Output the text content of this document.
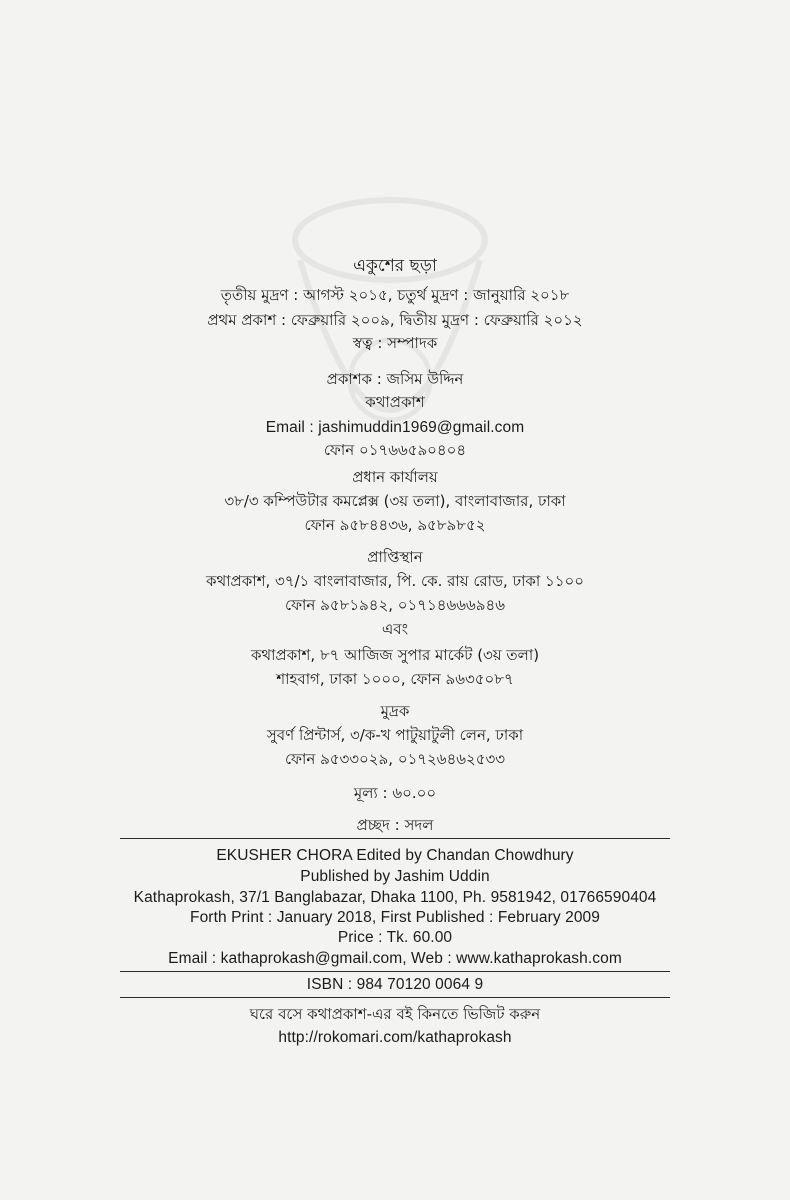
একুশের ছড়া
তৃতীয় মুদ্রণ : আগস্ট ২০১৫, চতুর্থ মুদ্রণ : জানুয়ারি ২০১৮
প্রথম প্রকাশ : ফেব্রুয়ারি ২০০৯, দ্বিতীয় মুদ্রণ : ফেব্রুয়ারি ২০১২
স্বত্ব : সম্পাদক
প্রকাশক : জসিম উদ্দিন
কথাপ্রকাশ
Email : jashimuddin1969@gmail.com
ফোন ০১৭৬৬৫৯০৪০৪
প্রধান কার্যালয়
৩৮/৩ কম্পিউটার কমপ্লেক্স (৩য় তলা), বাংলাবাজার, ঢাকা
ফোন ৯৫৮৪৪৩৬, ৯৫৮৯৮৫২
প্রাপ্তিস্থান
কথাপ্রকাশ, ৩৭/১ বাংলাবাজার, পি. কে. রায় রোড, ঢাকা ১১০০
ফোন ৯৫৮১৯৪২, ০১৭১৪৬৬৬৯৪৬
এবং
কথাপ্রকাশ, ৮৭ আজিজ সুপার মার্কেট (৩য় তলা)
শাহবাগ, ঢাকা ১০০০, ফোন ৯৬৩৫০৮৭
মুদ্রক
সুবর্ণ প্রিন্টার্স, ৩/ক-খ পাটুয়াটুলী লেন, ঢাকা
ফোন ৯৫৩৩০২৯, ০১৭২৬৪৬২৫৩৩
মূল্য : ৬০.০০
প্রচ্ছদ : সদল
EKUSHER CHORA Edited by Chandan Chowdhury
Published by Jashim Uddin
Kathaprokash, 37/1 Banglabazar, Dhaka 1100, Ph. 9581942, 01766590404
Forth Print : January 2018, First Published : February 2009
Price : Tk. 60.00
Email : kathaprokash@gmail.com, Web : www.kathaprokash.com
ISBN : 984 70120 0064 9
ঘরে বসে কথাপ্রকাশ-এর বই কিনতে ভিজিট করুন
http://rokomari.com/kathaprokash
